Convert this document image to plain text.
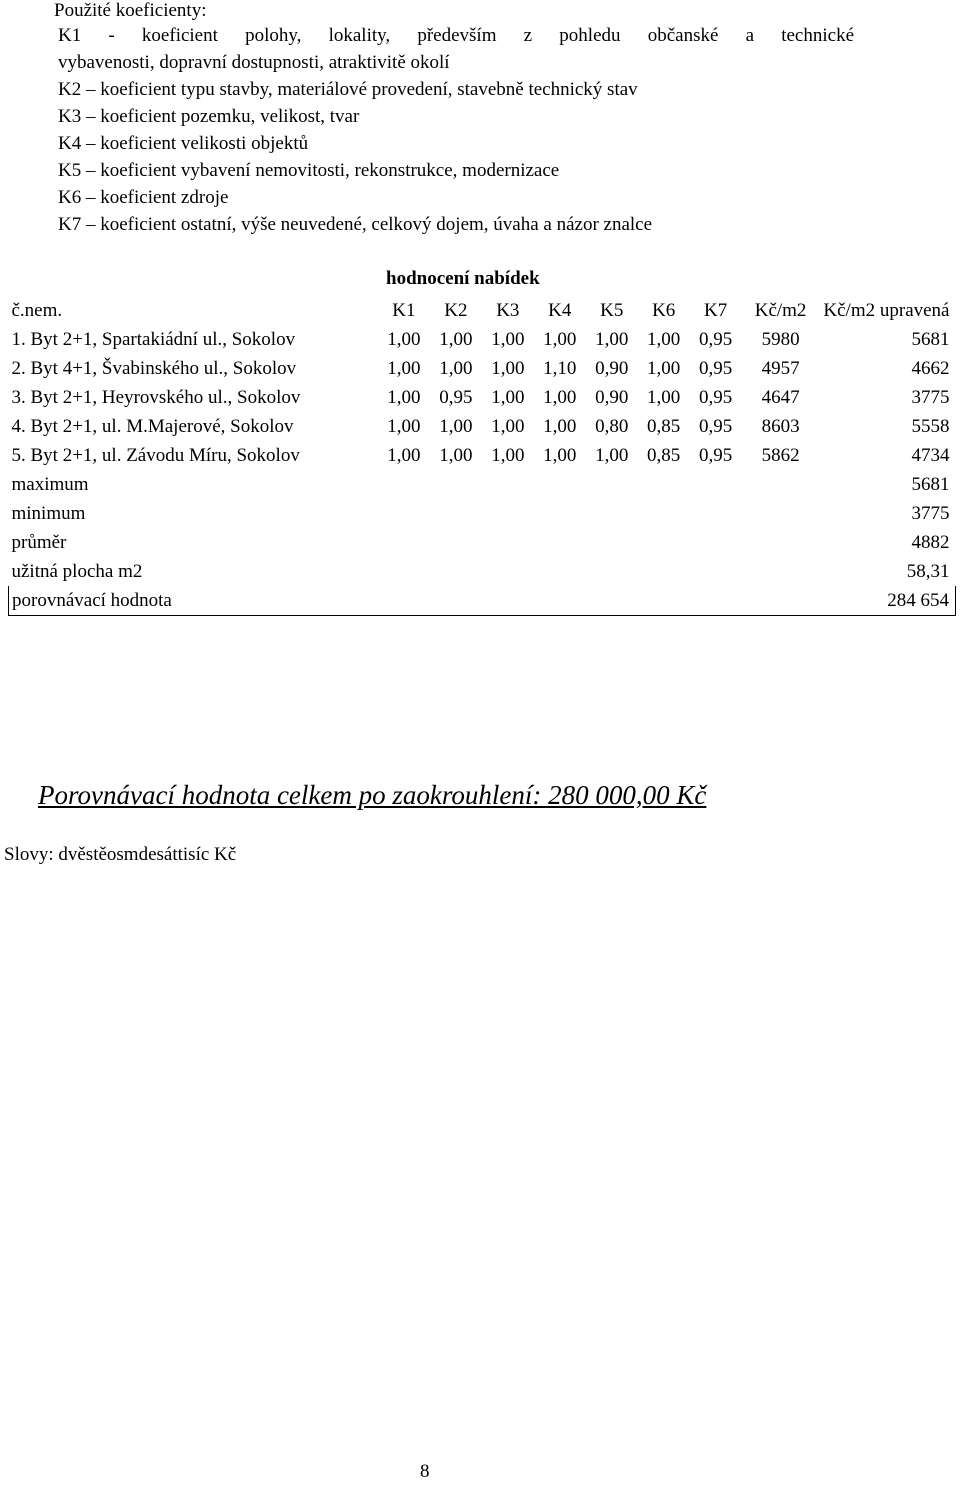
Použité koeficienty:
K1 - koeficient polohy, lokality, především z pohledu občanské a technické
vybavenosti, dopravní dostupnosti, atraktivitě okolí
K2 – koeficient typu stavby, materiálové provedení, stavebně technický stav
K3 – koeficient pozemku, velikost, tvar
K4 – koeficient velikosti objektů
K5 – koeficient vybavení nemovitosti, rekonstrukce, modernizace
K6 – koeficient zdroje
K7 – koeficient ostatní, výše neuvedené, celkový dojem, úvaha a názor znalce
hodnocení nabídek
č.nem.	K1	K2	K3	K4	K5	K6	K7	Kč/m2	Kč/m2 upravená
1. Byt 2+1, Spartakiádní ul., Sokolov	1,00	1,00	1,00	1,00	1,00	1,00	0,95	5980	5681
2. Byt 4+1, Švabinského ul., Sokolov	1,00	1,00	1,00	1,10	0,90	1,00	0,95	4957	4662
3. Byt 2+1, Heyrovského ul., Sokolov	1,00	0,95	1,00	1,00	0,90	1,00	0,95	4647	3775
4. Byt 2+1, ul. M.Majerové, Sokolov	1,00	1,00	1,00	1,00	0,80	0,85	0,95	8603	5558
5. Byt 2+1, ul. Závodu Míru, Sokolov	1,00	1,00	1,00	1,00	1,00	0,85	0,95	5862	4734
maximum									5681
minimum									3775
průměr									4882
užitná plocha m2									58,31
porovnávací hodnota									284 654
Porovnávací hodnota celkem po zaokrouhlení: 280 000,00 Kč
Slovy: dvěstěosmdesáttisíc Kč
8
